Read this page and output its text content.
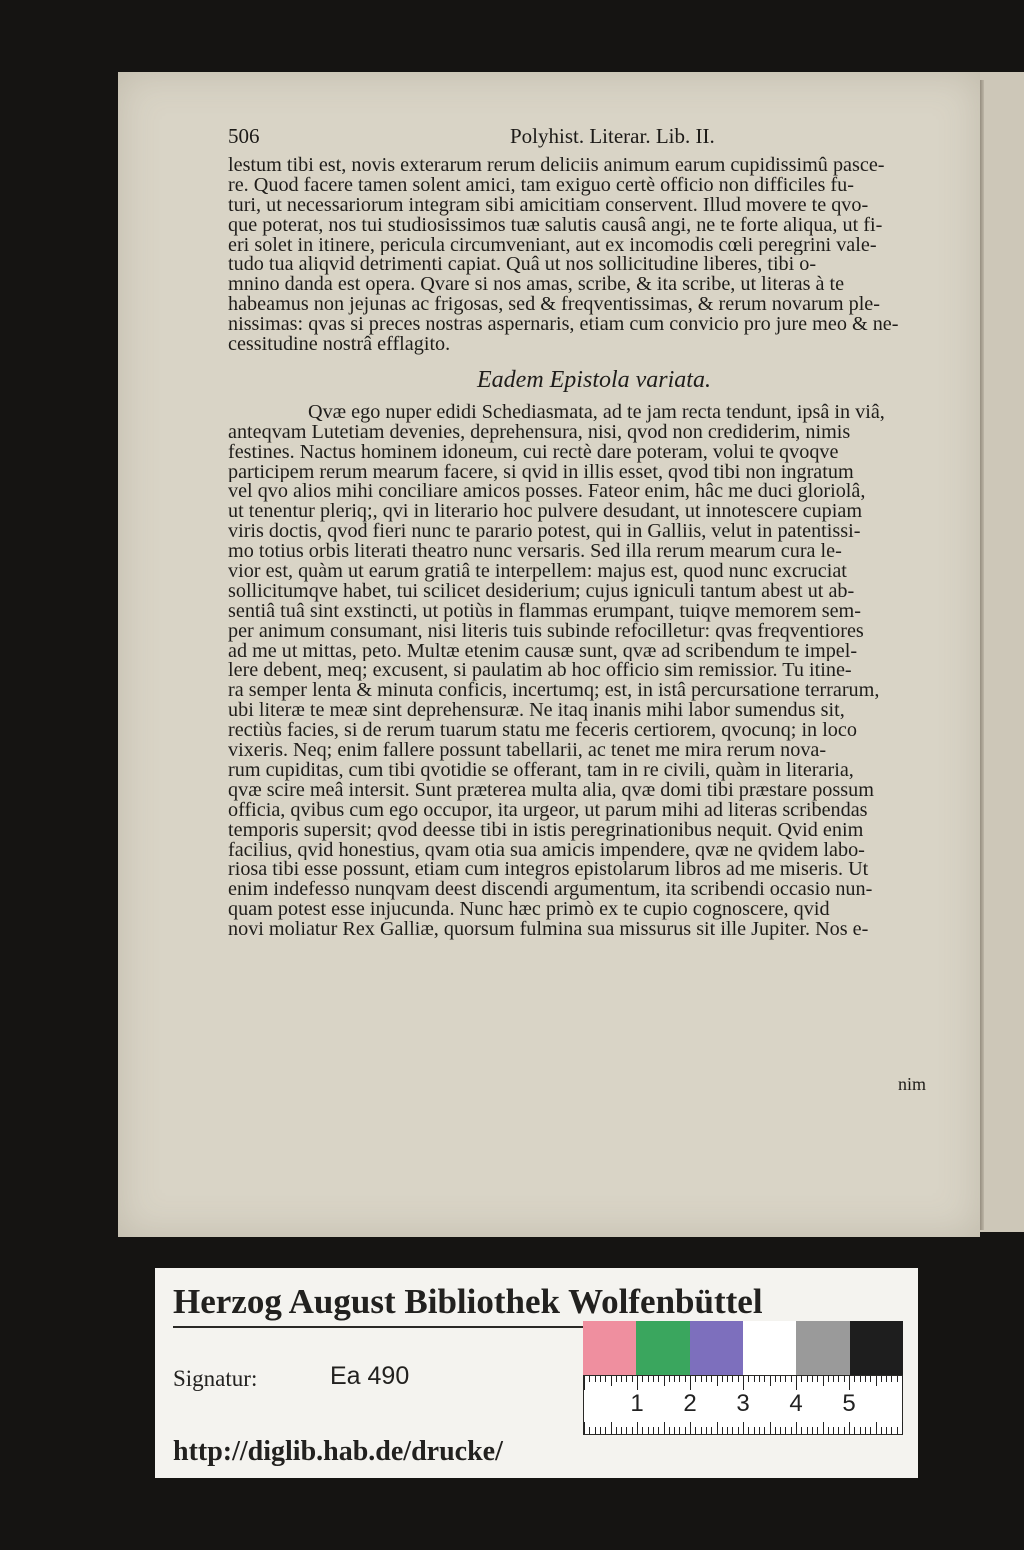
506	Polyhist. Literar. Lib. II.
lestum tibi est, novis exterarum rerum deliciis animum earum cupidissimû pasce-
re. Quod facere tamen solent amici, tam exiguo certè officio non difficiles fu-
turi, ut necessariorum integram sibi amicitiam conservent. Illud movere te qvo-
que poterat, nos tui studiosissimos tuæ salutis causâ angi, ne te forte aliqua, ut fi-
eri solet in itinere, pericula circumveniant, aut ex incomodis cœli peregrini vale-
tudo tua aliqvid detrimenti capiat. Quâ ut nos sollicitudine liberes, tibi o-
mnino danda est opera. Qvare si nos amas, scribe, & ita scribe, ut literas à te
habeamus non jejunas ac frigosas, sed & freqventissimas, & rerum novarum ple-
nissimas: qvas si preces nostras aspernaris, etiam cum convicio pro jure meo & ne-
cessitudine nostrâ efflagito.
Eadem Epistola variata.
Qvæ ego nuper edidi Schediasmata, ad te jam recta tendunt, ipsâ in viâ,
anteqvam Lutetiam devenies, deprehensura, nisi, qvod non crediderim, nimis
festines. Nactus hominem idoneum, cui rectè dare poteram, volui te qvoqve
participem rerum mearum facere, si qvid in illis esset, qvod tibi non ingratum
vel qvo alios mihi conciliare amicos posses. Fateor enim, hâc me duci gloriolâ,
ut tenentur pleriq;, qvi in literario hoc pulvere desudant, ut innotescere cupiam
viris doctis, qvod fieri nunc te parario potest, qui in Galliis, velut in patentissi-
mo totius orbis literati theatro nunc versaris. Sed illa rerum mearum cura le-
vior est, quàm ut earum gratiâ te interpellem: majus est, quod nunc excruciat
sollicitumqve habet, tui scilicet desiderium; cujus igniculi tantum abest ut ab-
sentiâ tuâ sint exstincti, ut potiùs in flammas erumpant, tuiqve memorem sem-
per animum consumant, nisi literis tuis subinde refocilletur: qvas freqventiores
ad me ut mittas, peto. Multæ etenim causæ sunt, qvæ ad scribendum te impel-
lere debent, meq; excusent, si paulatim ab hoc officio sim remissior. Tu itine-
ra semper lenta & minuta conficis, incertumq; est, in istâ percursatione terrarum,
ubi literæ te meæ sint deprehensuræ. Ne itaq inanis mihi labor sumendus sit,
rectiùs facies, si de rerum tuarum statu me feceris certiorem, qvocunq; in loco
vixeris. Neq; enim fallere possunt tabellarii, ac tenet me mira rerum nova-
rum cupiditas, cum tibi qvotidie se offerant, tam in re civili, quàm in literaria,
qvæ scire meâ intersit. Sunt præterea multa alia, qvæ domi tibi præstare possum
officia, qvibus cum ego occupor, ita urgeor, ut parum mihi ad literas scribendas
temporis supersit; qvod deesse tibi in istis peregrinationibus nequit. Qvid enim
facilius, qvid honestius, qvam otia sua amicis impendere, qvæ ne qvidem labo-
riosa tibi esse possunt, etiam cum integros epistolarum libros ad me miseris. Ut
enim indefesso nunqvam deest discendi argumentum, ita scribendi occasio nun-
quam potest esse injucunda. Nunc hæc primò ex te cupio cognoscere, qvid
novi moliatur Rex Galliæ, quorsum fulmina sua missurus sit ille Jupiter. Nos e-
nim
Herzog August Bibliothek Wolfenbüttel
Signatur:	Ea 490
http://diglib.hab.de/drucke/
1 2 3 4 5
